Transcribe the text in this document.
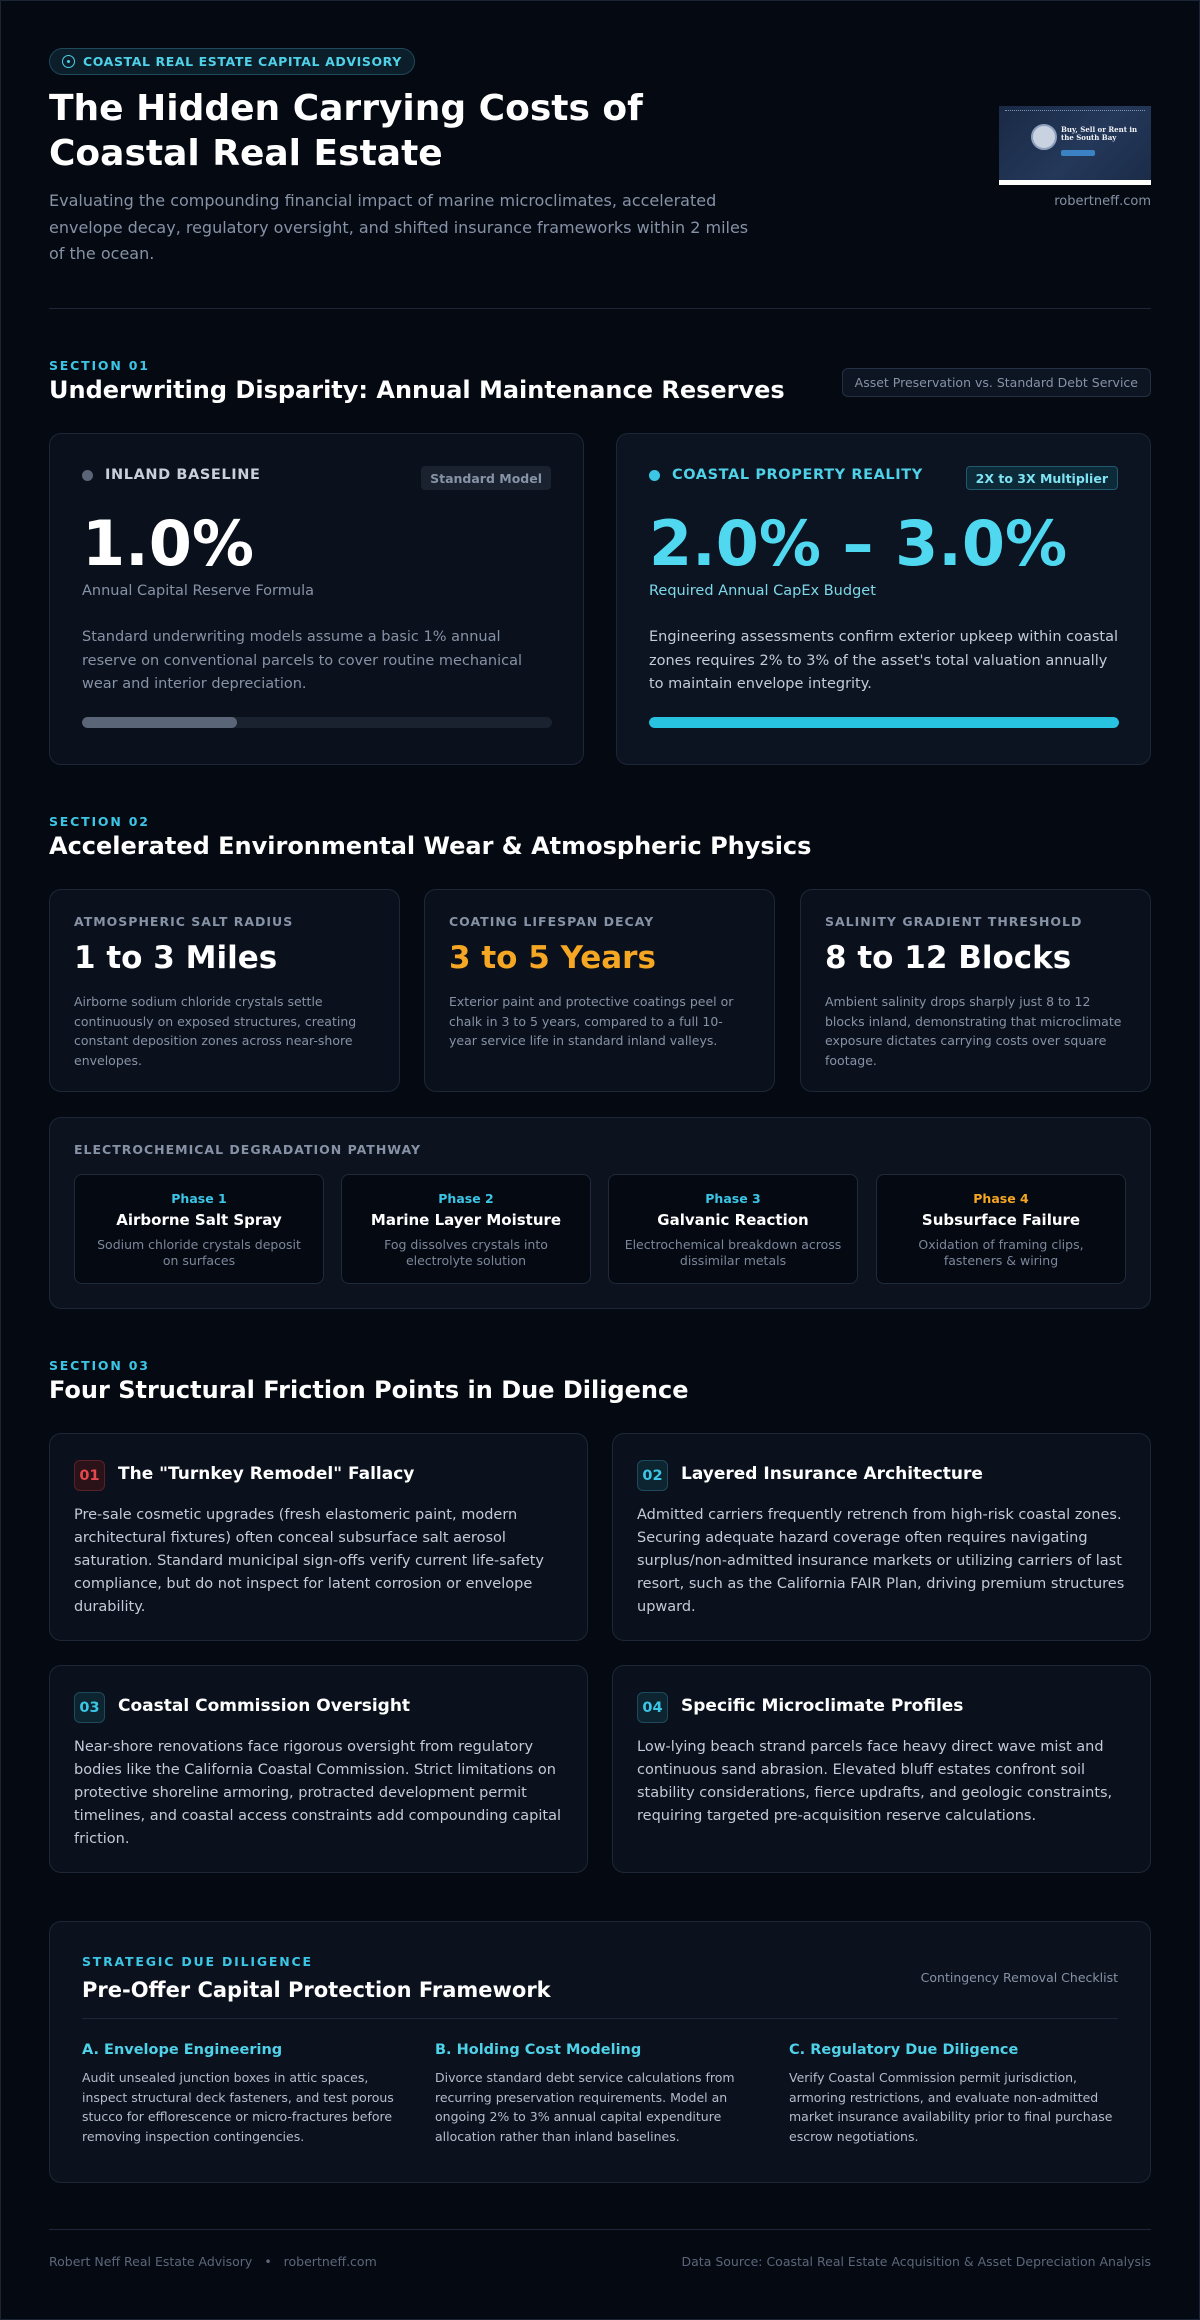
COASTAL REAL ESTATE CAPITAL ADVISORY
The Hidden Carrying Costs of Coastal Real Estate

Evaluating the compounding financial impact of marine microclimates, accelerated envelope decay, regulatory oversight, and shifted insurance frameworks within 2 miles of the ocean.

Buy, Sell or Rent in the South Bay
robertneff.com
SECTION 01
Underwriting Disparity: Annual Maintenance Reserves	Asset Preservation vs. Standard Debt Service
INLAND BASELINE	Standard Model
1.0%
Annual Capital Reserve Formula

Standard underwriting models assume a basic 1% annual reserve on conventional parcels to cover routine mechanical wear and interior depreciation.

COASTAL PROPERTY REALITY	2X to 3X Multiplier
2.0% – 3.0%
Required Annual CapEx Budget

Engineering assessments confirm exterior upkeep within coastal zones requires 2% to 3% of the asset's total valuation annually to maintain envelope integrity.

SECTION 02
Accelerated Environmental Wear & Atmospheric Physics
ATMOSPHERIC SALT RADIUS
1 to 3 Miles

Airborne sodium chloride crystals settle continuously on exposed structures, creating constant deposition zones across near-shore envelopes.

COATING LIFESPAN DECAY
3 to 5 Years

Exterior paint and protective coatings peel or chalk in 3 to 5 years, compared to a full 10-year service life in standard inland valleys.

SALINITY GRADIENT THRESHOLD
8 to 12 Blocks

Ambient salinity drops sharply just 8 to 12 blocks inland, demonstrating that microclimate exposure dictates carrying costs over square footage.

ELECTROCHEMICAL DEGRADATION PATHWAY
Phase 1
Airborne Salt Spray
Sodium chloride crystals deposit on surfaces
Phase 2
Marine Layer Moisture
Fog dissolves crystals into electrolyte solution
Phase 3
Galvanic Reaction
Electrochemical breakdown across dissimilar metals
Phase 4
Subsurface Failure
Oxidation of framing clips, fasteners & wiring
SECTION 03
Four Structural Friction Points in Due Diligence
01	The "Turnkey Remodel" Fallacy

Pre-sale cosmetic upgrades (fresh elastomeric paint, modern architectural fixtures) often conceal subsurface salt aerosol saturation. Standard municipal sign-offs verify current life-safety compliance, but do not inspect for latent corrosion or envelope durability.

02	Layered Insurance Architecture

Admitted carriers frequently retrench from high-risk coastal zones. Securing adequate hazard coverage often requires navigating surplus/non-admitted insurance markets or utilizing carriers of last resort, such as the California FAIR Plan, driving premium structures upward.

03	Coastal Commission Oversight

Near-shore renovations face rigorous oversight from regulatory bodies like the California Coastal Commission. Strict limitations on protective shoreline armoring, protracted development permit timelines, and coastal access constraints add compounding capital friction.

04	Specific Microclimate Profiles

Low-lying beach strand parcels face heavy direct wave mist and continuous sand abrasion. Elevated bluff estates confront soil stability considerations, fierce updrafts, and geologic constraints, requiring targeted pre-acquisition reserve calculations.

STRATEGIC DUE DILIGENCE
Pre-Offer Capital Protection Framework
Contingency Removal Checklist
A. Envelope Engineering

Audit unsealed junction boxes in attic spaces, inspect structural deck fasteners, and test porous stucco for efflorescence or micro-fractures before removing inspection contingencies.

B. Holding Cost Modeling

Divorce standard debt service calculations from recurring preservation requirements. Model an ongoing 2% to 3% annual capital expenditure allocation rather than inland baselines.

C. Regulatory Due Diligence

Verify Coastal Commission permit jurisdiction, armoring restrictions, and evaluate non-admitted market insurance availability prior to final purchase escrow negotiations.

Robert Neff Real Estate Advisory • robertneff.com	Data Source: Coastal Real Estate Acquisition & Asset Depreciation Analysis
